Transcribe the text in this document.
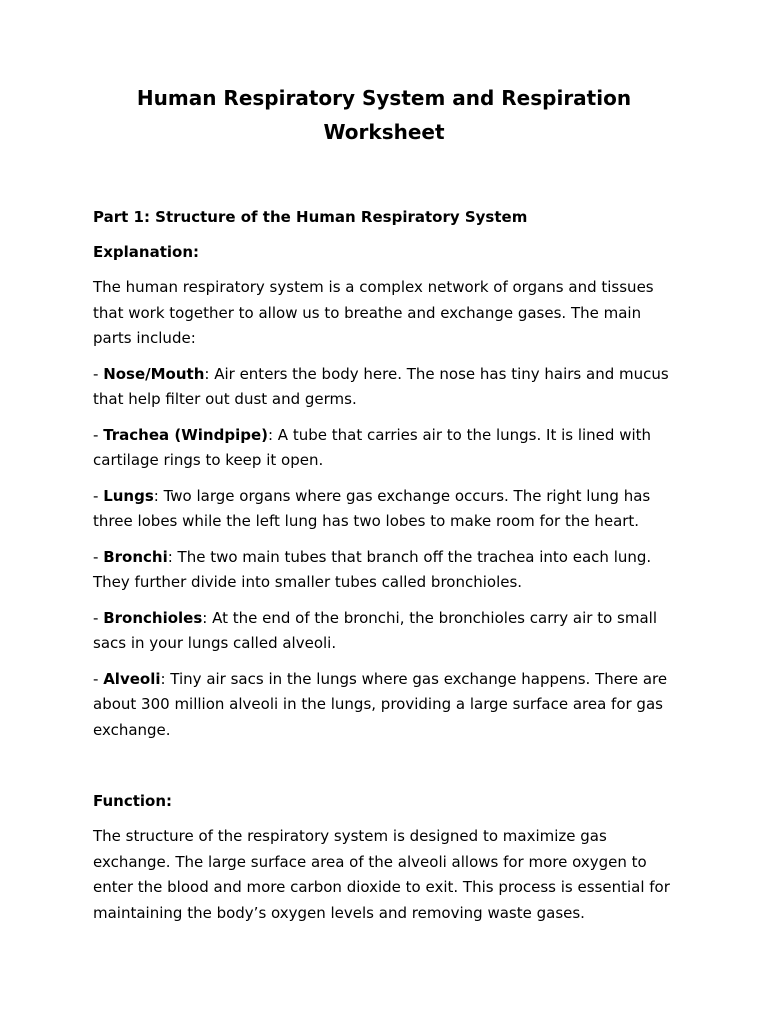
Human Respiratory System and Respiration Worksheet
Part 1: Structure of the Human Respiratory System
Explanation:

The human respiratory system is a complex network of organs and tissues that work together to allow us to breathe and exchange gases. The main parts include:

- Nose/Mouth: Air enters the body here. The nose has tiny hairs and mucus that help filter out dust and germs.

- Trachea (Windpipe): A tube that carries air to the lungs. It is lined with cartilage rings to keep it open.

- Lungs: Two large organs where gas exchange occurs. The right lung has three lobes while the left lung has two lobes to make room for the heart.

- Bronchi: The two main tubes that branch off the trachea into each lung. They further divide into smaller tubes called bronchioles.

- Bronchioles: At the end of the bronchi, the bronchioles carry air to small sacs in your lungs called alveoli.

- Alveoli: Tiny air sacs in the lungs where gas exchange happens. There are about 300 million alveoli in the lungs, providing a large surface area for gas exchange.

Function:

The structure of the respiratory system is designed to maximize gas exchange. The large surface area of the alveoli allows for more oxygen to enter the blood and more carbon dioxide to exit. This process is essential for maintaining the body’s oxygen levels and removing waste gases.
